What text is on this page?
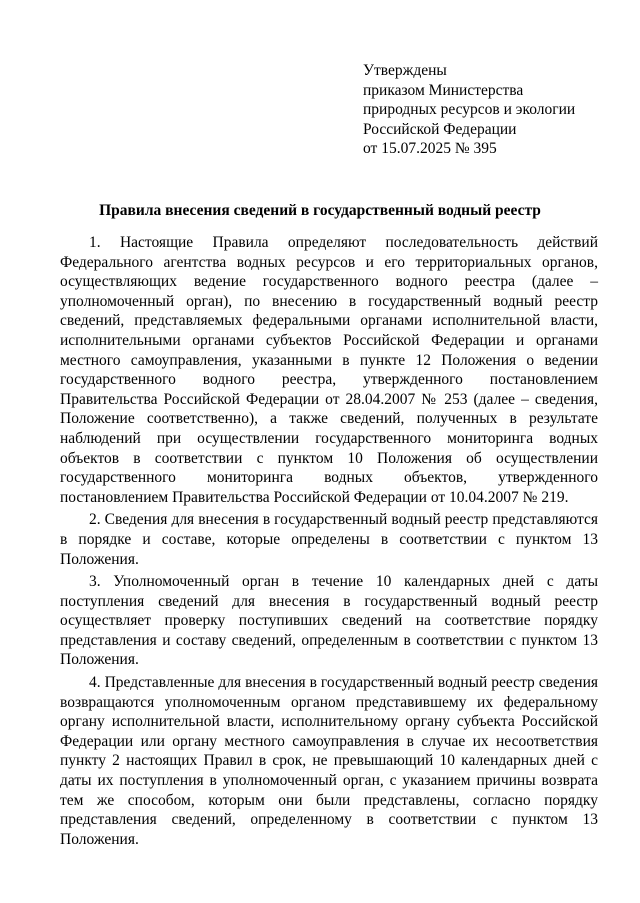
Утверждены
приказом Министерства
природных ресурсов и экологии
Российской Федерации
от 15.07.2025 № 395
Правила внесения сведений в государственный водный реестр

1. Настоящие Правила определяют последовательность действий Федерального агентства водных ресурсов и его территориальных органов, осуществляющих ведение государственного водного реестра (далее – уполномоченный орган), по внесению в государственный водный реестр сведений, представляемых федеральными органами исполнительной власти, исполнительными органами субъектов Российской Федерации и органами местного самоуправления, указанными в пункте 12 Положения о ведении государственного водного реестра, утвержденного постановлением Правительства Российской Федерации от 28.04.2007 № 253 (далее – сведения, Положение соответственно), а также сведений, полученных в результате наблюдений при осуществлении государственного мониторинга водных объектов в соответствии с пунктом 10 Положения об осуществлении государственного мониторинга водных объектов, утвержденного постановлением Правительства Российской Федерации от 10.04.2007 № 219.

2. Сведения для внесения в государственный водный реестр представляются в порядке и составе, которые определены в соответствии с пунктом 13 Положения.

3. Уполномоченный орган в течение 10 календарных дней с даты поступления сведений для внесения в государственный водный реестр осуществляет проверку поступивших сведений на соответствие порядку представления и составу сведений, определенным в соответствии с пунктом 13 Положения.

4. Представленные для внесения в государственный водный реестр сведения возвращаются уполномоченным органом представившему их федеральному органу исполнительной власти, исполнительному органу субъекта Российской Федерации или органу местного самоуправления в случае их несоответствия пункту 2 настоящих Правил в срок, не превышающий 10 календарных дней с даты их поступления в уполномоченный орган, с указанием причины возврата тем же способом, которым они были представлены, согласно порядку представления сведений, определенному в соответствии с пунктом 13 Положения.
